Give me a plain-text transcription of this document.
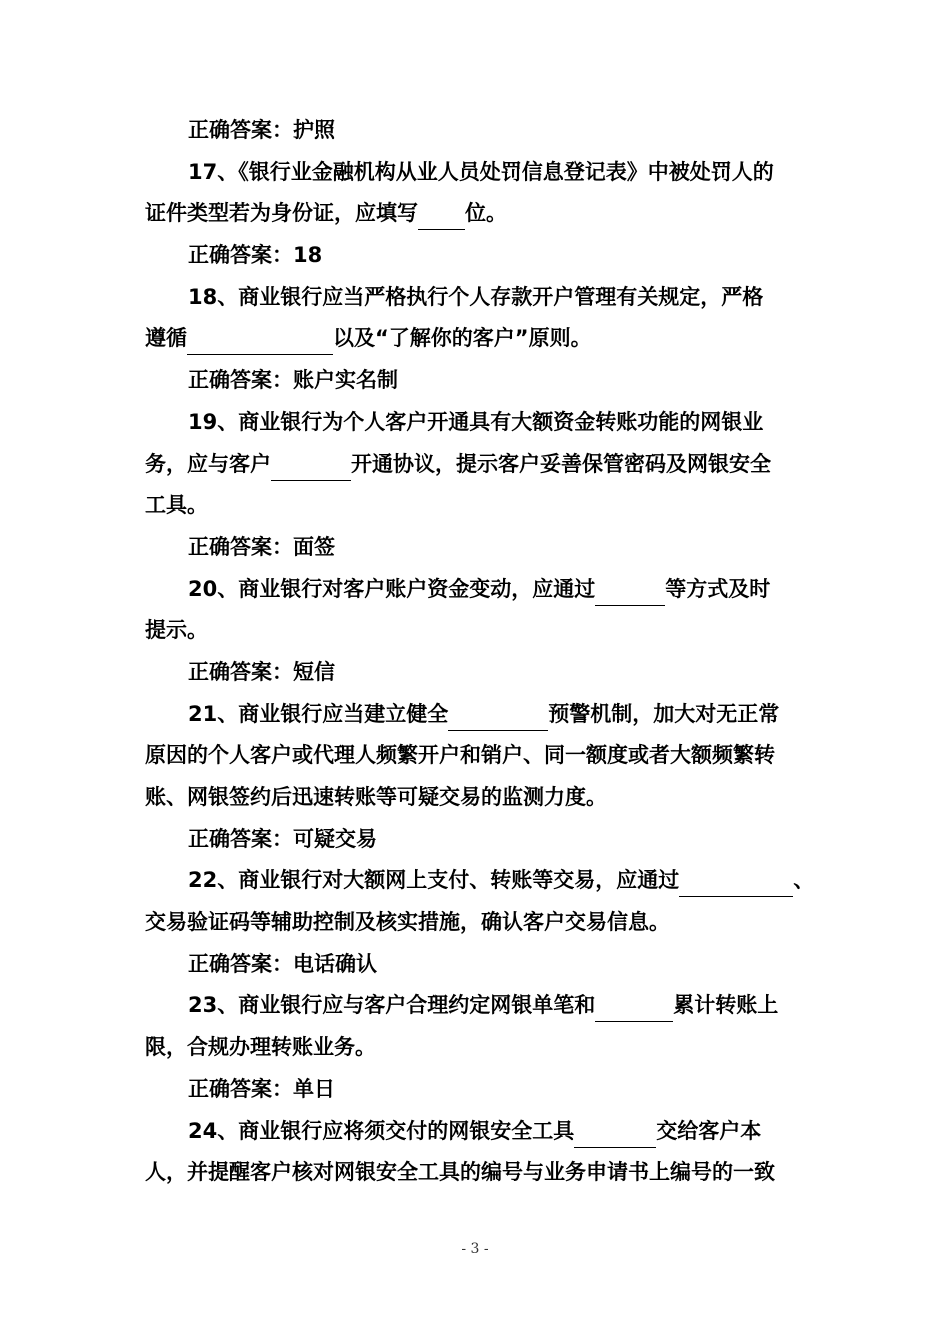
正确答案：护照
17、《银行业金融机构从业人员处罚信息登记表》中被处罚人的
证件类型若为身份证，应填写 位。
正确答案：18
18、商业银行应当严格执行个人存款开户管理有关规定，严格
遵循	以及“了解你的客户”原则。
正确答案：账户实名制
19、商业银行为个人客户开通具有大额资金转账功能的网银业
务，应与客户	开通协议，提示客户妥善保管密码及网银安全
工具。
正确答案：面签
20、商业银行对客户账户资金变动，应通过	等方式及时
提示。
正确答案：短信
21、商业银行应当建立健全	预警机制，加大对无正常
原因的个人客户或代理人频繁开户和销户、同一额度或者大额频繁转
账、网银签约后迅速转账等可疑交易的监测力度。
正确答案：可疑交易
22、商业银行对大额网上支付、转账等交易，应通过	、
交易验证码等辅助控制及核实措施，确认客户交易信息。
正确答案：电话确认
23、商业银行应与客户合理约定网银单笔和	累计转账上
限，合规办理转账业务。
正确答案：单日
24、商业银行应将须交付的网银安全工具	交给客户本
人，并提醒客户核对网银安全工具的编号与业务申请书上编号的一致
- 3 -
